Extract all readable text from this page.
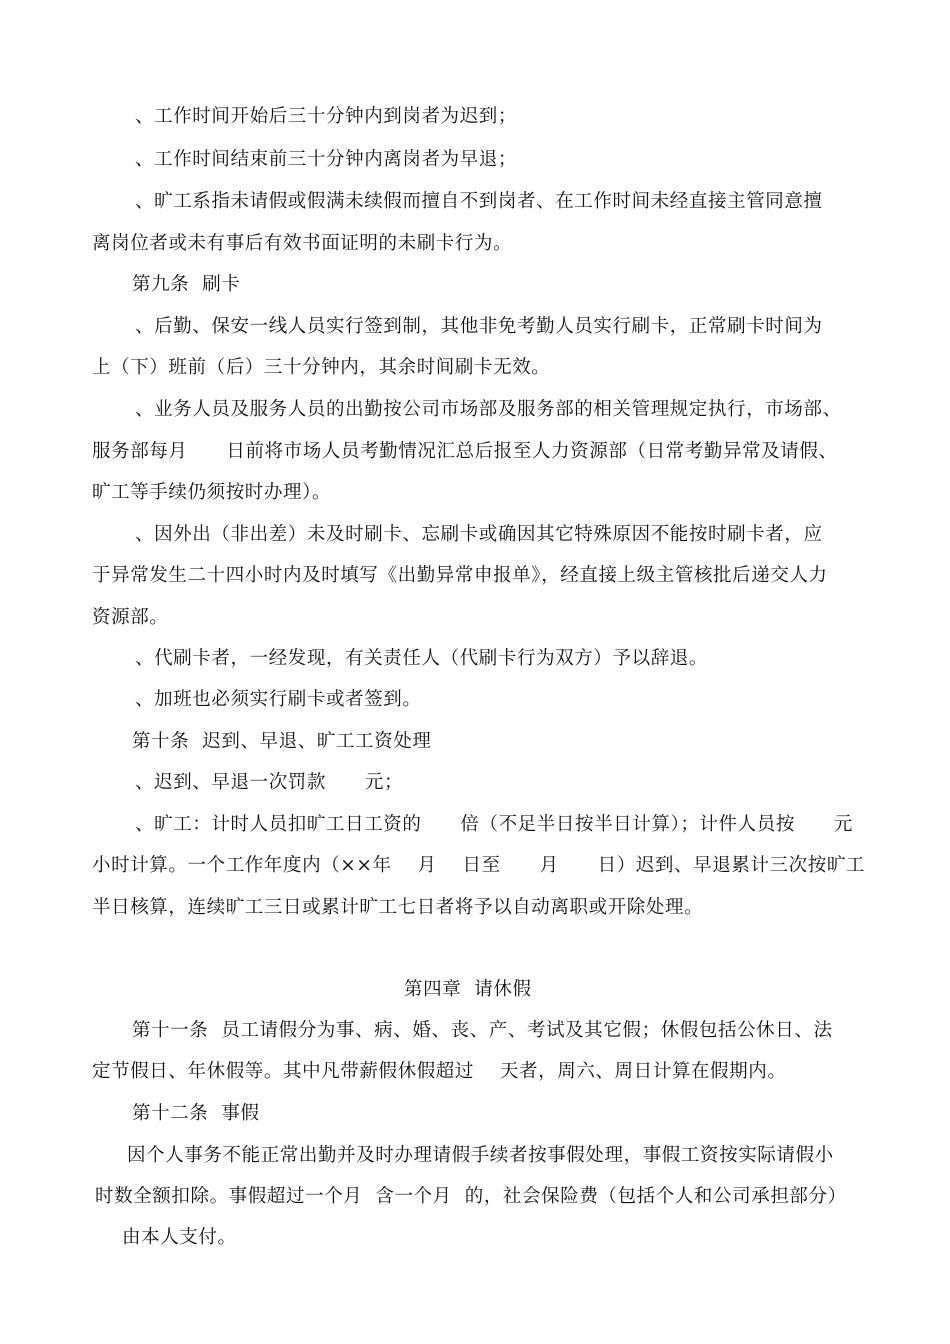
、工作时间开始后三十分钟内到岗者为迟到；
、工作时间结束前三十分钟内离岗者为早退；
、旷工系指未请假或假满未续假而擅自不到岗者、在工作时间未经直接主管同意擅
离岗位者或未有事后有效书面证明的未刷卡行为。
第九条  刷卡
、后勤、保安一线人员实行签到制，其他非免考勤人员实行刷卡，正常刷卡时间为
上（下）班前（后）三十分钟内，其余时间刷卡无效。
、业务人员及服务人员的出勤按公司市场部及服务部的相关管理规定执行，市场部、
服务部每月      日前将市场人员考勤情况汇总后报至人力资源部（日常考勤异常及请假、
旷工等手续仍须按时办理）。
、因外出（非出差）未及时刷卡、忘刷卡或确因其它特殊原因不能按时刷卡者，应
于异常发生二十四小时内及时填写《出勤异常申报单》，经直接上级主管核批后递交人力
资源部。
、代刷卡者，一经发现，有关责任人（代刷卡行为双方）予以辞退。
、加班也必须实行刷卡或者签到。
第十条  迟到、早退、旷工工资处理
、迟到、早退一次罚款      元；
、旷工：计时人员扣旷工日工资的      倍（不足半日按半日计算）；计件人员按      元
小时计算。一个工作年度内（××年    月    日至      月      日）迟到、早退累计三次按旷工
半日核算，连续旷工三日或累计旷工七日者将予以自动离职或开除处理。
第四章  请休假
第十一条  员工请假分为事、病、婚、丧、产、考试及其它假；休假包括公休日、法
定节假日、年休假等。其中凡带薪假休假超过    天者，周六、周日计算在假期内。
第十二条  事假
因个人事务不能正常出勤并及时办理请假手续者按事假处理，事假工资按实际请假小
时数全额扣除。事假超过一个月  含一个月  的，社会保险费（包括个人和公司承担部分）
由本人支付。
